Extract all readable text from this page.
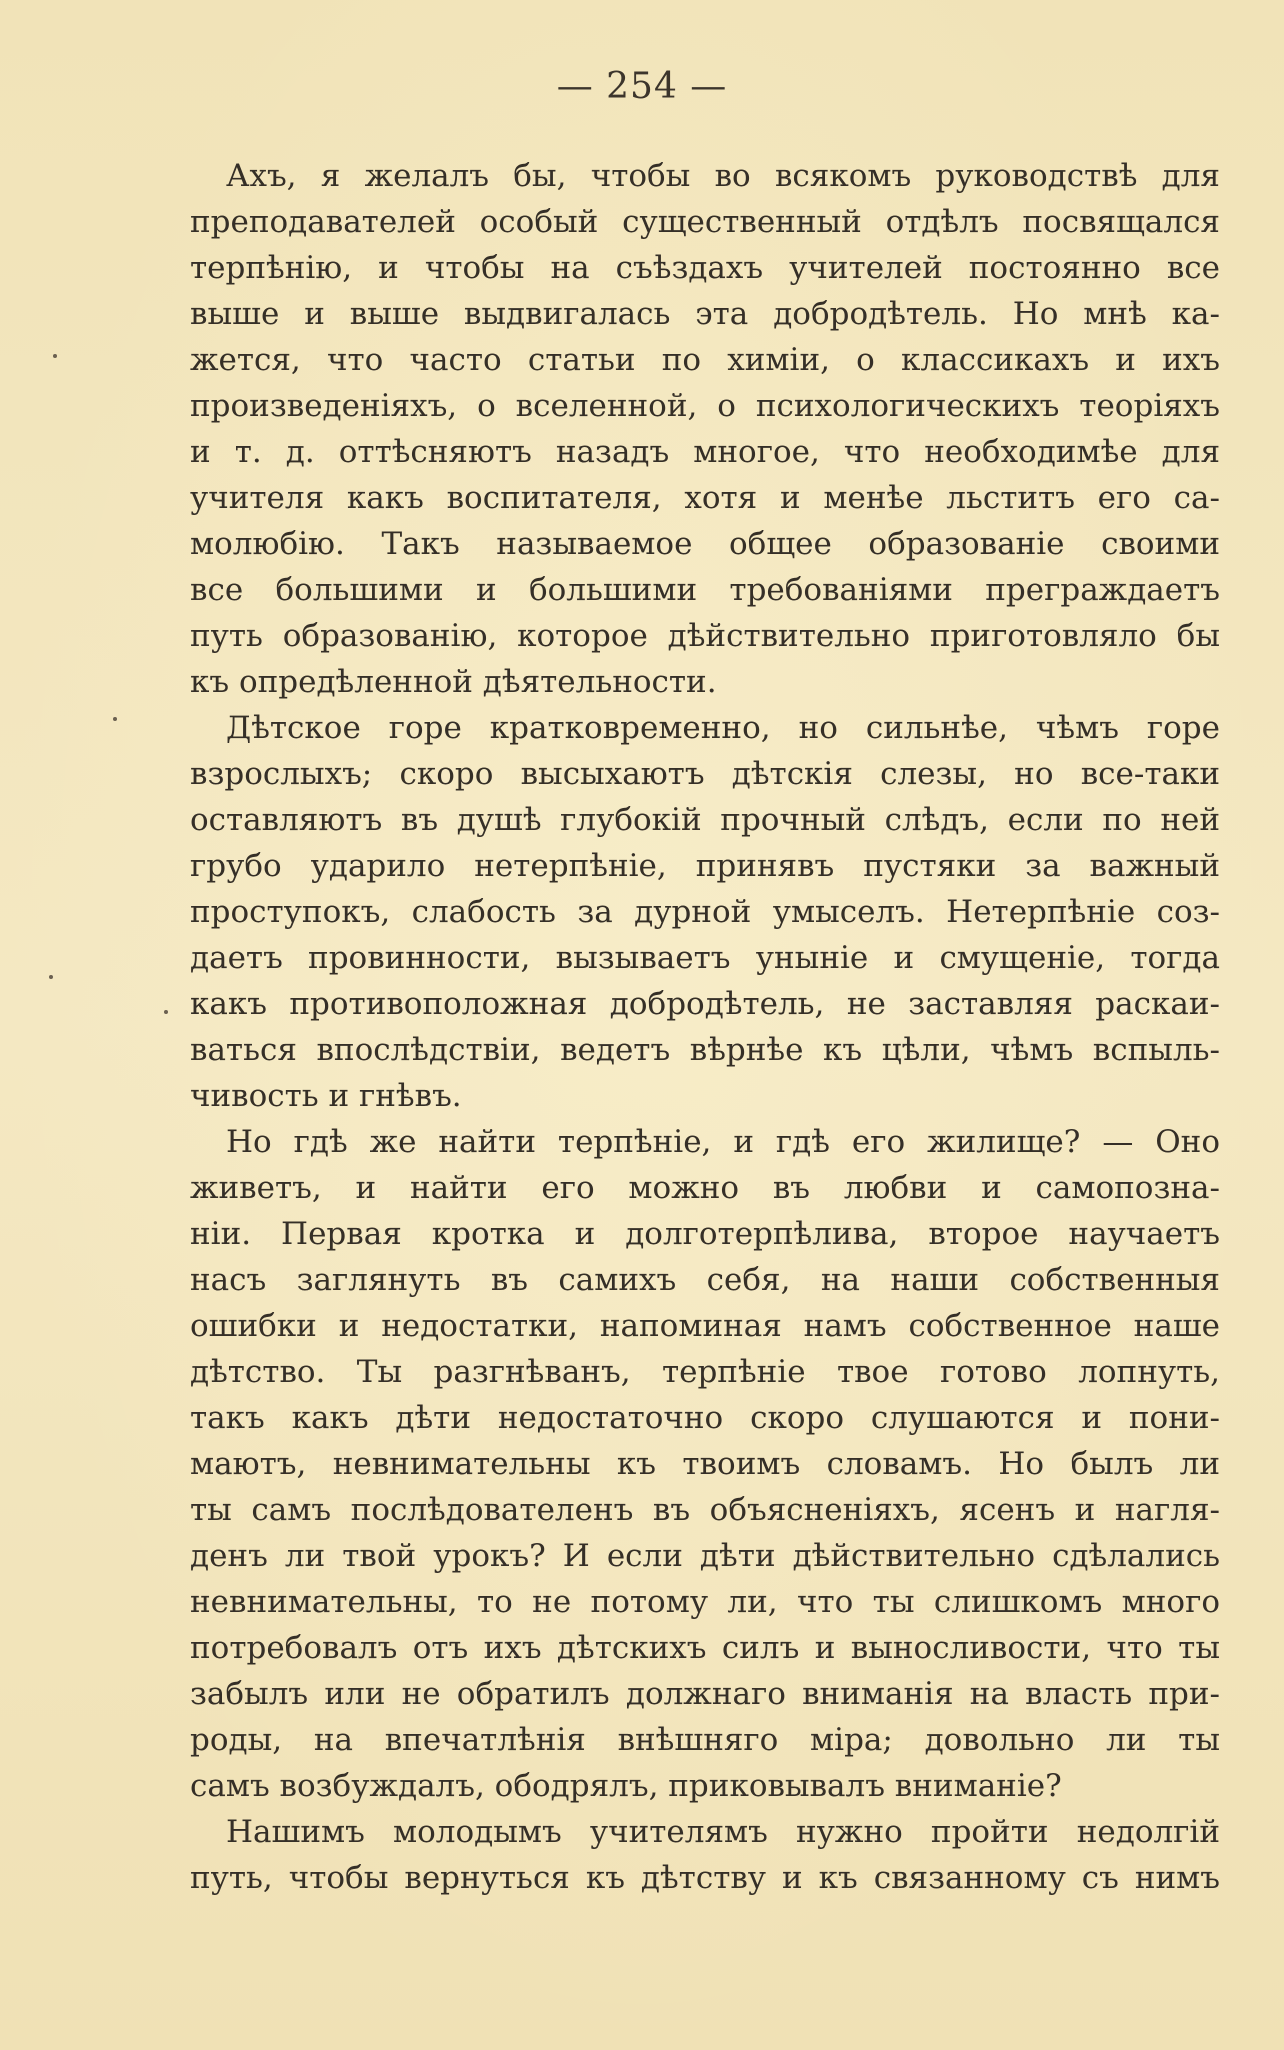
— 254 —

Ахъ, я желалъ бы, чтобы во всякомъ руководствѣ для
преподавателей особый существенный отдѣлъ посвящался
терпѣнію, и чтобы на съѣздахъ учителей постоянно все
выше и выше выдвигалась эта добродѣтель. Но мнѣ ка-
жется, что часто статьи по химіи, о классикахъ и ихъ
произведеніяхъ, о вселенной, о психологическихъ теоріяхъ
и т. д. оттѣсняютъ назадъ многое, что необходимѣе для
учителя какъ воспитателя, хотя и менѣе льститъ его са-
молюбію. Такъ называемое общее образованіе своими
все большими и большими требованіями преграждаетъ
путь образованію, которое дѣйствительно приготовляло бы
къ опредѣленной дѣятельности.
Дѣтское горе кратковременно, но сильнѣе, чѣмъ горе
взрослыхъ; скоро высыхаютъ дѣтскія слезы, но все-таки
оставляютъ въ душѣ глубокій прочный слѣдъ, если по ней
грубо ударило нетерпѣніе, принявъ пустяки за важный
проступокъ, слабость за дурной умыселъ. Нетерпѣніе соз-
даетъ провинности, вызываетъ уныніе и смущеніе, тогда
какъ противоположная добродѣтель, не заставляя раскаи-
ваться впослѣдствіи, ведетъ вѣрнѣе къ цѣли, чѣмъ вспыль-
чивость и гнѣвъ.
Но гдѣ же найти терпѣніе, и гдѣ его жилище? — Оно
живетъ, и найти его можно въ любви и самопозна-
ніи. Первая кротка и долготерпѣлива, второе научаетъ
насъ заглянуть въ самихъ себя, на наши собственныя
ошибки и недостатки, напоминая намъ собственное наше
дѣтство. Ты разгнѣванъ, терпѣніе твое готово лопнуть,
такъ какъ дѣти недостаточно скоро слушаются и пони-
маютъ, невнимательны къ твоимъ словамъ. Но былъ ли
ты самъ послѣдователенъ въ объясненіяхъ, ясенъ и нагля-
денъ ли твой урокъ? И если дѣти дѣйствительно сдѣлались
невнимательны, то не потому ли, что ты слишкомъ много
потребовалъ отъ ихъ дѣтскихъ силъ и выносливости, что ты
забылъ или не обратилъ должнаго вниманія на власть при-
роды, на впечатлѣнія внѣшняго міра; довольно ли ты
самъ возбуждалъ, ободрялъ, приковывалъ вниманіе?
Нашимъ молодымъ учителямъ нужно пройти недолгій
путь, чтобы вернуться къ дѣтству и къ связанному съ нимъ
